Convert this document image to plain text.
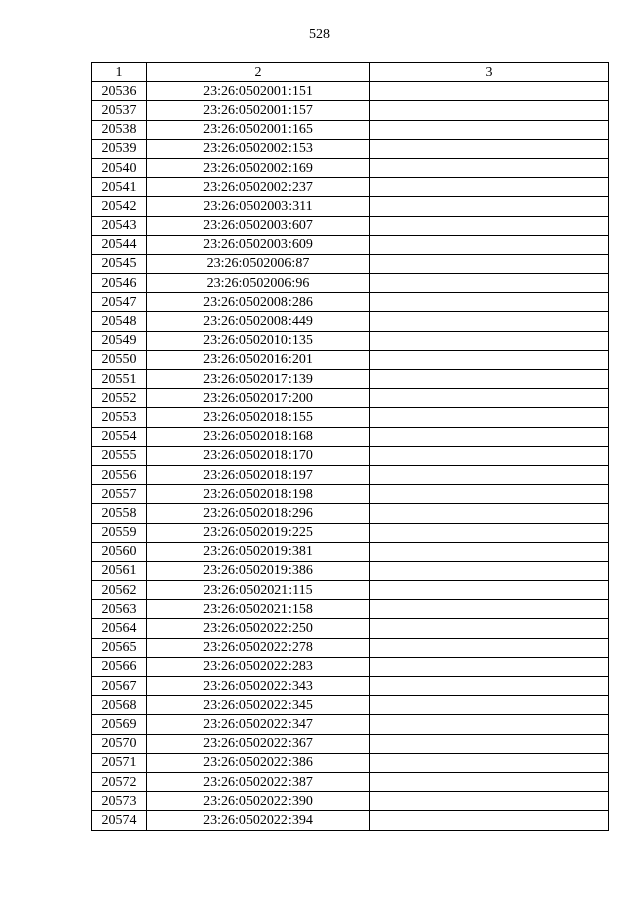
528
1	2	3
20536	23:26:0502001:151	
20537	23:26:0502001:157	
20538	23:26:0502001:165	
20539	23:26:0502002:153	
20540	23:26:0502002:169	
20541	23:26:0502002:237	
20542	23:26:0502003:311	
20543	23:26:0502003:607	
20544	23:26:0502003:609	
20545	23:26:0502006:87	
20546	23:26:0502006:96	
20547	23:26:0502008:286	
20548	23:26:0502008:449	
20549	23:26:0502010:135	
20550	23:26:0502016:201	
20551	23:26:0502017:139	
20552	23:26:0502017:200	
20553	23:26:0502018:155	
20554	23:26:0502018:168	
20555	23:26:0502018:170	
20556	23:26:0502018:197	
20557	23:26:0502018:198	
20558	23:26:0502018:296	
20559	23:26:0502019:225	
20560	23:26:0502019:381	
20561	23:26:0502019:386	
20562	23:26:0502021:115	
20563	23:26:0502021:158	
20564	23:26:0502022:250	
20565	23:26:0502022:278	
20566	23:26:0502022:283	
20567	23:26:0502022:343	
20568	23:26:0502022:345	
20569	23:26:0502022:347	
20570	23:26:0502022:367	
20571	23:26:0502022:386	
20572	23:26:0502022:387	
20573	23:26:0502022:390	
20574	23:26:0502022:394	
